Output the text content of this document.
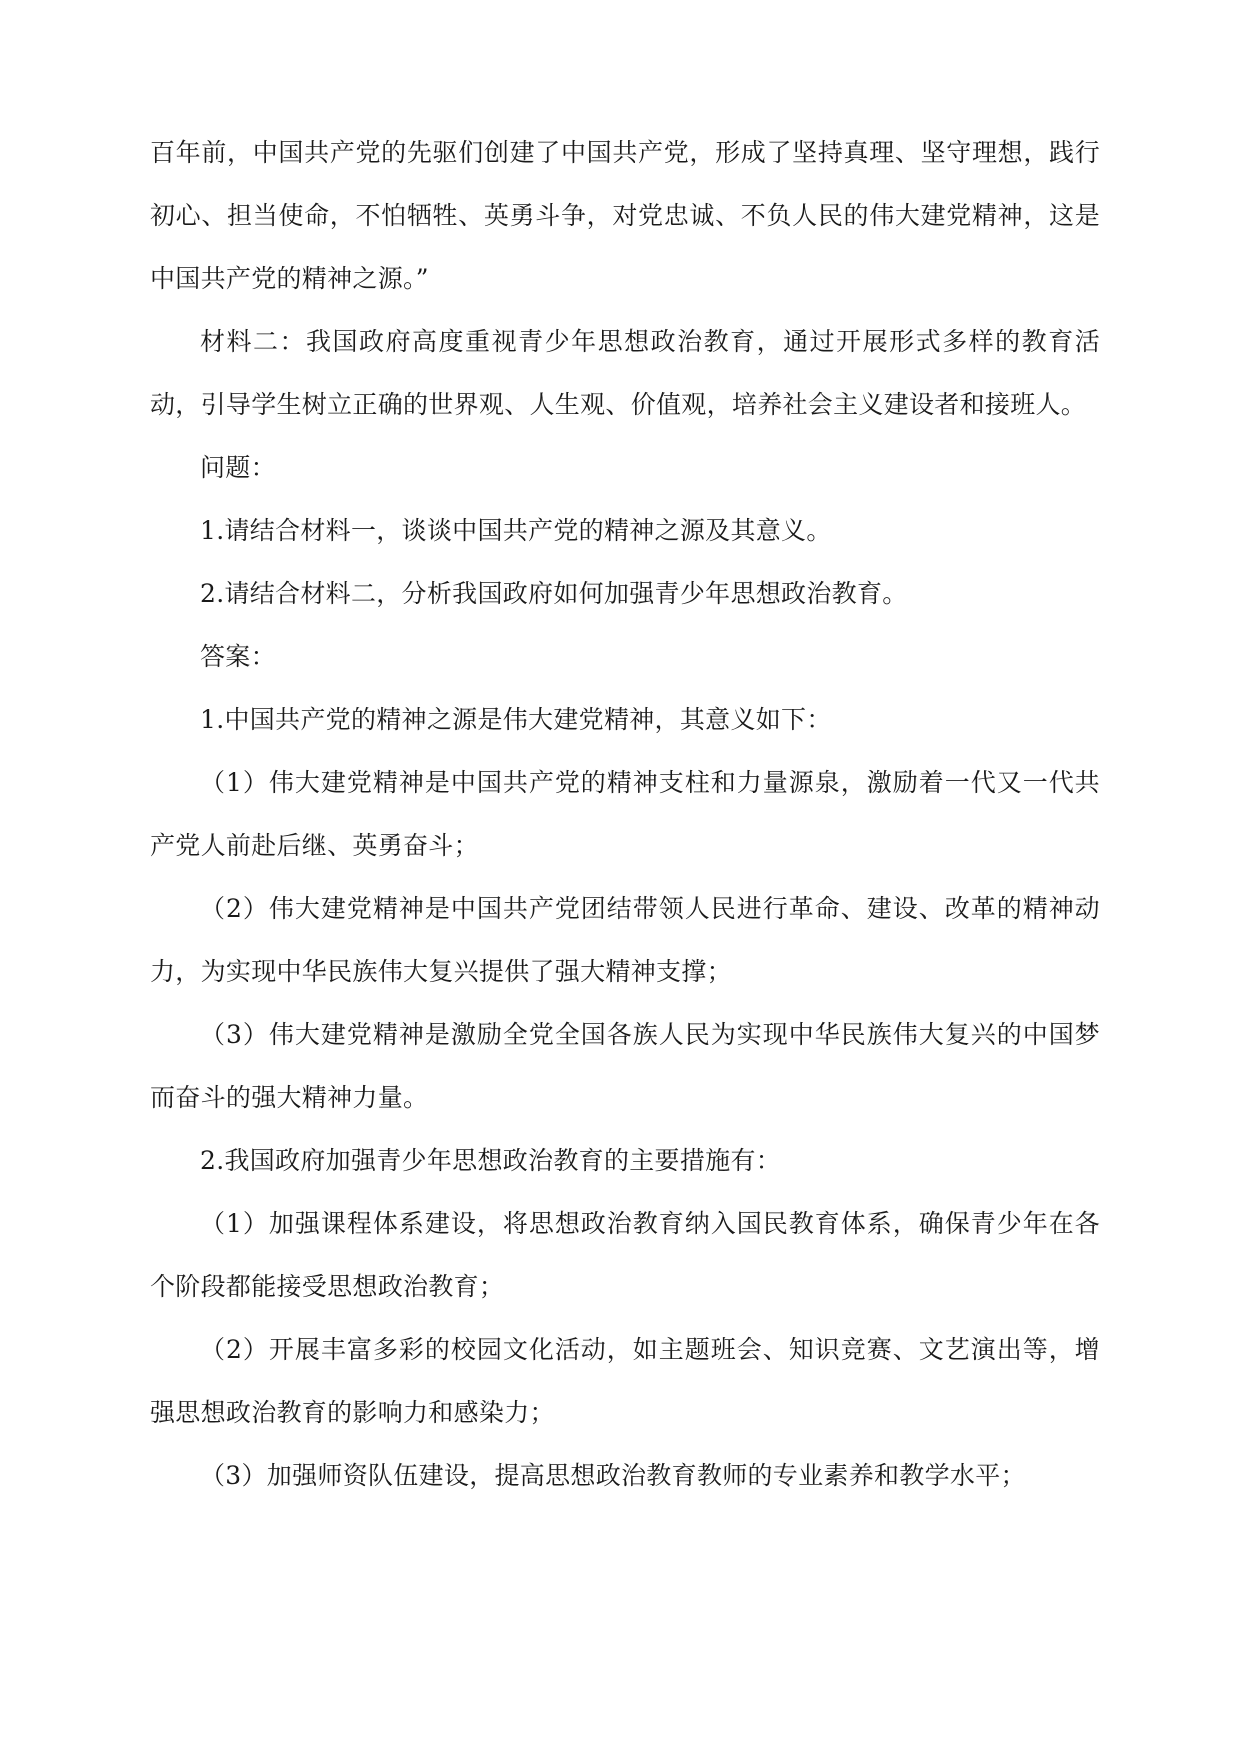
百年前，中国共产党的先驱们创建了中国共产党，形成了坚持真理、坚守理想，践行初心、担当使命，不怕牺牲、英勇斗争，对党忠诚、不负人民的伟大建党精神，这是中国共产党的精神之源。”

材料二：我国政府高度重视青少年思想政治教育，通过开展形式多样的教育活动，引导学生树立正确的世界观、人生观、价值观，培养社会主义建设者和接班人。

问题：

1.请结合材料一，谈谈中国共产党的精神之源及其意义。

2.请结合材料二，分析我国政府如何加强青少年思想政治教育。

答案：

1.中国共产党的精神之源是伟大建党精神，其意义如下：

（1）伟大建党精神是中国共产党的精神支柱和力量源泉，激励着一代又一代共产党人前赴后继、英勇奋斗；

（2）伟大建党精神是中国共产党团结带领人民进行革命、建设、改革的精神动力，为实现中华民族伟大复兴提供了强大精神支撑；

（3）伟大建党精神是激励全党全国各族人民为实现中华民族伟大复兴的中国梦而奋斗的强大精神力量。

2.我国政府加强青少年思想政治教育的主要措施有：

（1）加强课程体系建设，将思想政治教育纳入国民教育体系，确保青少年在各个阶段都能接受思想政治教育；

（2）开展丰富多彩的校园文化活动，如主题班会、知识竞赛、文艺演出等，增强思想政治教育的影响力和感染力；

（3）加强师资队伍建设，提高思想政治教育教师的专业素养和教学水平；
